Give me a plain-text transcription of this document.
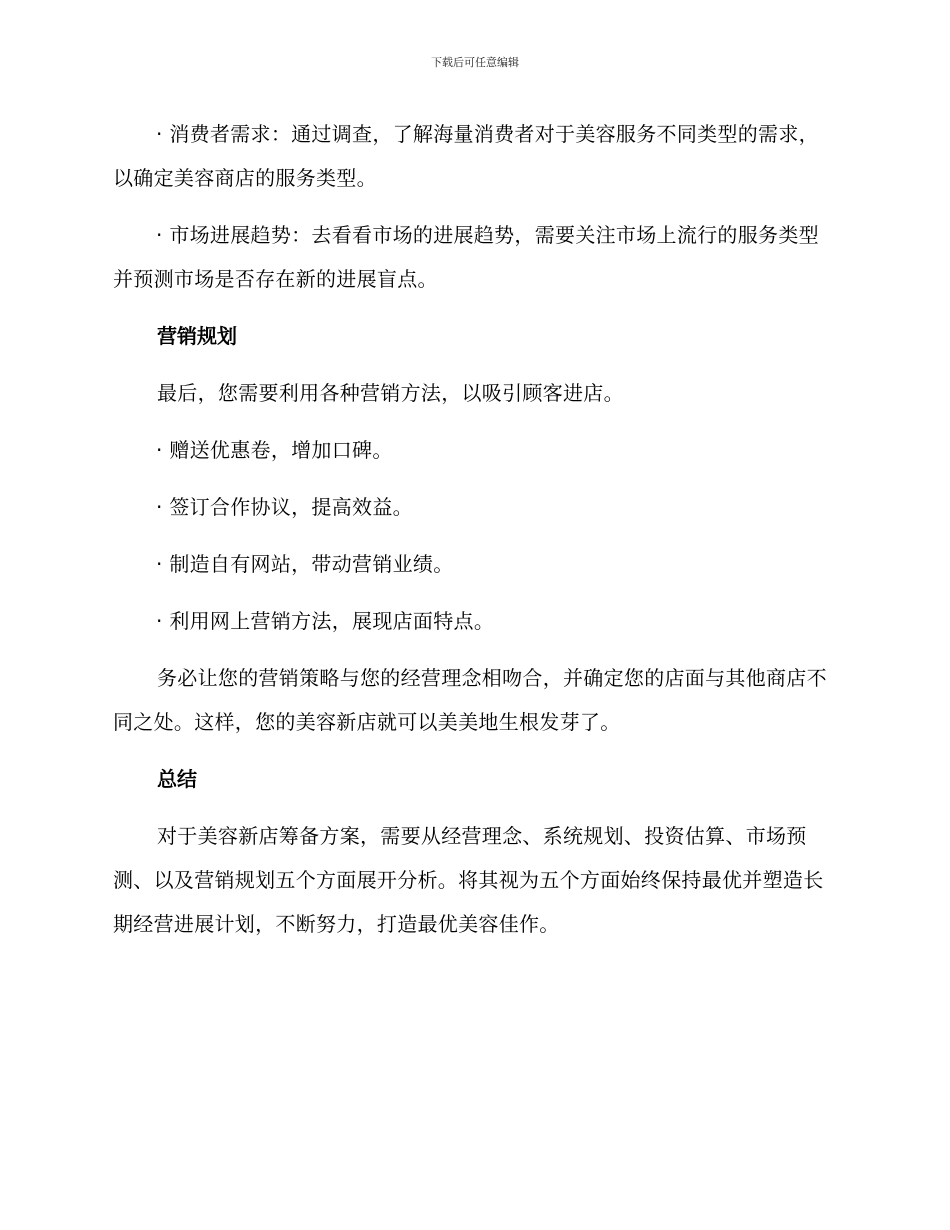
下载后可任意编辑

· 消费者需求：通过调查，了解海量消费者对于美容服务不同类型的需求，以确定美容商店的服务类型。

· 市场进展趋势：去看看市场的进展趋势，需要关注市场上流行的服务类型并预测市场是否存在新的进展盲点。

营销规划

最后，您需要利用各种营销方法，以吸引顾客进店。

· 赠送优惠卷，增加口碑。

· 签订合作协议，提高效益。

· 制造自有网站，带动营销业绩。

· 利用网上营销方法，展现店面特点。

务必让您的营销策略与您的经营理念相吻合，并确定您的店面与其他商店不同之处。这样，您的美容新店就可以美美地生根发芽了。

总结

对于美容新店筹备方案，需要从经营理念、系统规划、投资估算、市场预测、以及营销规划五个方面展开分析。将其视为五个方面始终保持最优并塑造长期经营进展计划，不断努力，打造最优美容佳作。
